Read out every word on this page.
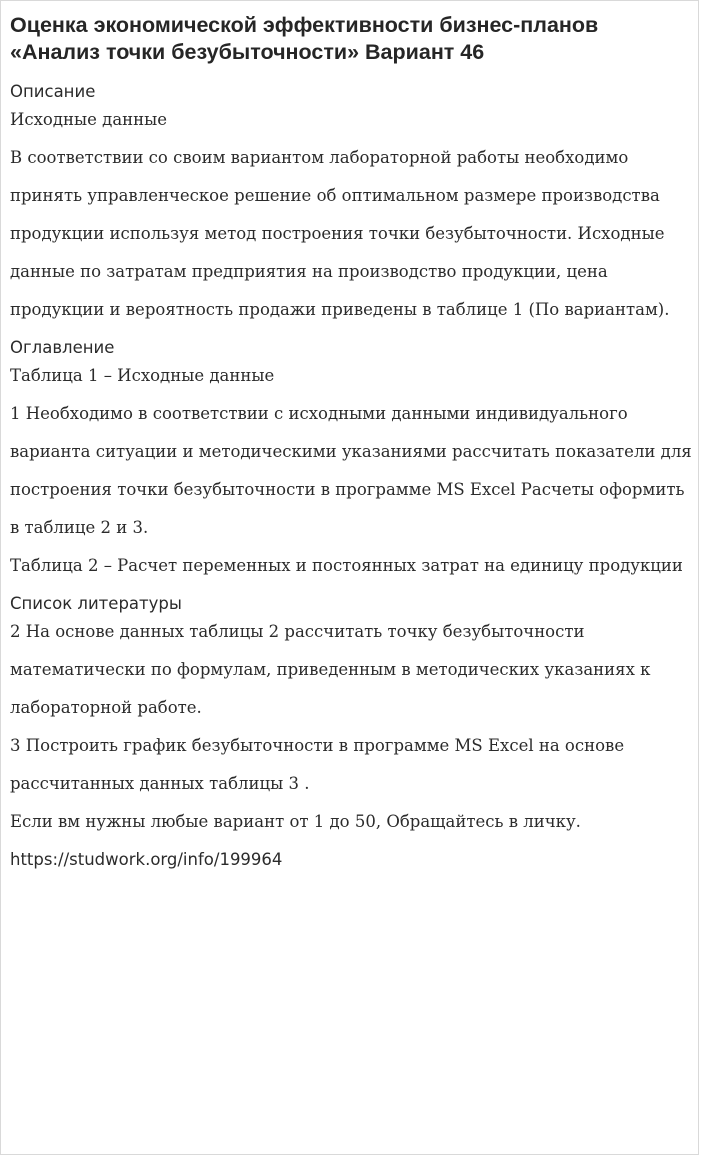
Оценка экономической эффективности бизнес-планов
«Анализ точки безубыточности» Вариант 46

Описание

Исходные данные

В соответствии со своим вариантом лабораторной работы необходимо

принять управленческое решение об оптимальном размере производства

продукции используя метод построения точки безубыточности. Исходные

данные по затратам предприятия на производство продукции, цена

продукции и вероятность продажи приведены в таблице 1 (По вариантам).

Оглавление

Таблица 1 – Исходные данные

1 Необходимо в соответствии с исходными данными индивидуального

варианта ситуации и методическими указаниями рассчитать показатели для

построения точки безубыточности в программе MS Excel Расчеты оформить

в таблице 2 и 3.

Таблица 2 – Расчет переменных и постоянных затрат на единицу продукции

Список литературы

2 На основе данных таблицы 2 рассчитать точку безубыточности

математически по формулам, приведенным в методических указаниях к

лабораторной работе.

3 Построить график безубыточности в программе MS Excel на основе

рассчитанных данных таблицы 3 .

Если вм нужны любые вариант от 1 до 50, Обращайтесь в личку.

https://studwork.org/info/199964
